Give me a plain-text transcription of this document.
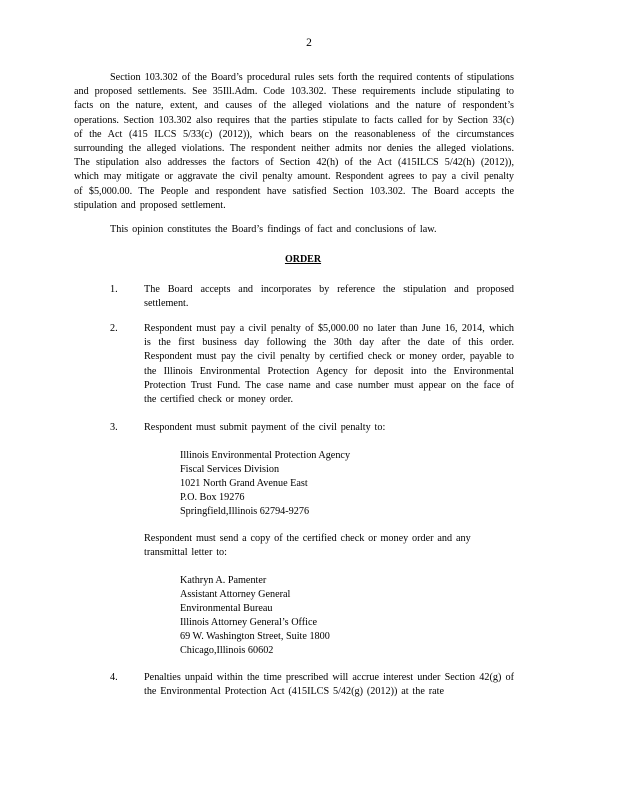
2
Section 103.302 of the Board’s procedural rules sets forth the required contents of stipulations and proposed settlements. See 35Ill.Adm. Code 103.302. These requirements include stipulating to facts on the nature, extent, and causes of the alleged violations and the nature of respondent’s operations. Section 103.302 also requires that the parties stipulate to facts called for by Section 33(c) of the Act (415 ILCS 5/33(c) (2012)), which bears on the reasonableness of the circumstances surrounding the alleged violations. The respondent neither admits nor denies the alleged violations. The stipulation also addresses the factors of Section 42(h) of the Act (415ILCS 5/42(h) (2012)), which may mitigate or aggravate the civil penalty amount. Respondent agrees to pay a civil penalty of $5,000.00. The People and respondent have satisfied Section 103.302. The Board accepts the stipulation and proposed settlement.
This opinion constitutes the Board’s findings of fact and conclusions of law.
ORDER
1.	The Board accepts and incorporates by reference the stipulation and proposed settlement.
2.	Respondent must pay a civil penalty of $5,000.00 no later than June 16, 2014, which is the first business day following the 30th day after the date of this order. Respondent must pay the civil penalty by certified check or money order, payable to the Illinois Environmental Protection Agency for deposit into the Environmental Protection Trust Fund. The case name and case number must appear on the face of the certified check or money order.
3.	Respondent must submit payment of the civil penalty to:
Illinois Environmental Protection Agency
Fiscal Services Division
1021 North Grand Avenue East
P.O. Box 19276
Springfield,Illinois 62794-9276
Respondent must send a copy of the certified check or money order and any transmittal letter to:
Kathryn A. Pamenter
Assistant Attorney General
Environmental Bureau
Illinois Attorney General’s Office
69 W. Washington Street, Suite 1800
Chicago,Illinois 60602
4.	Penalties unpaid within the time prescribed will accrue interest under Section 42(g) of the Environmental Protection Act (415ILCS 5/42(g) (2012)) at the rate
